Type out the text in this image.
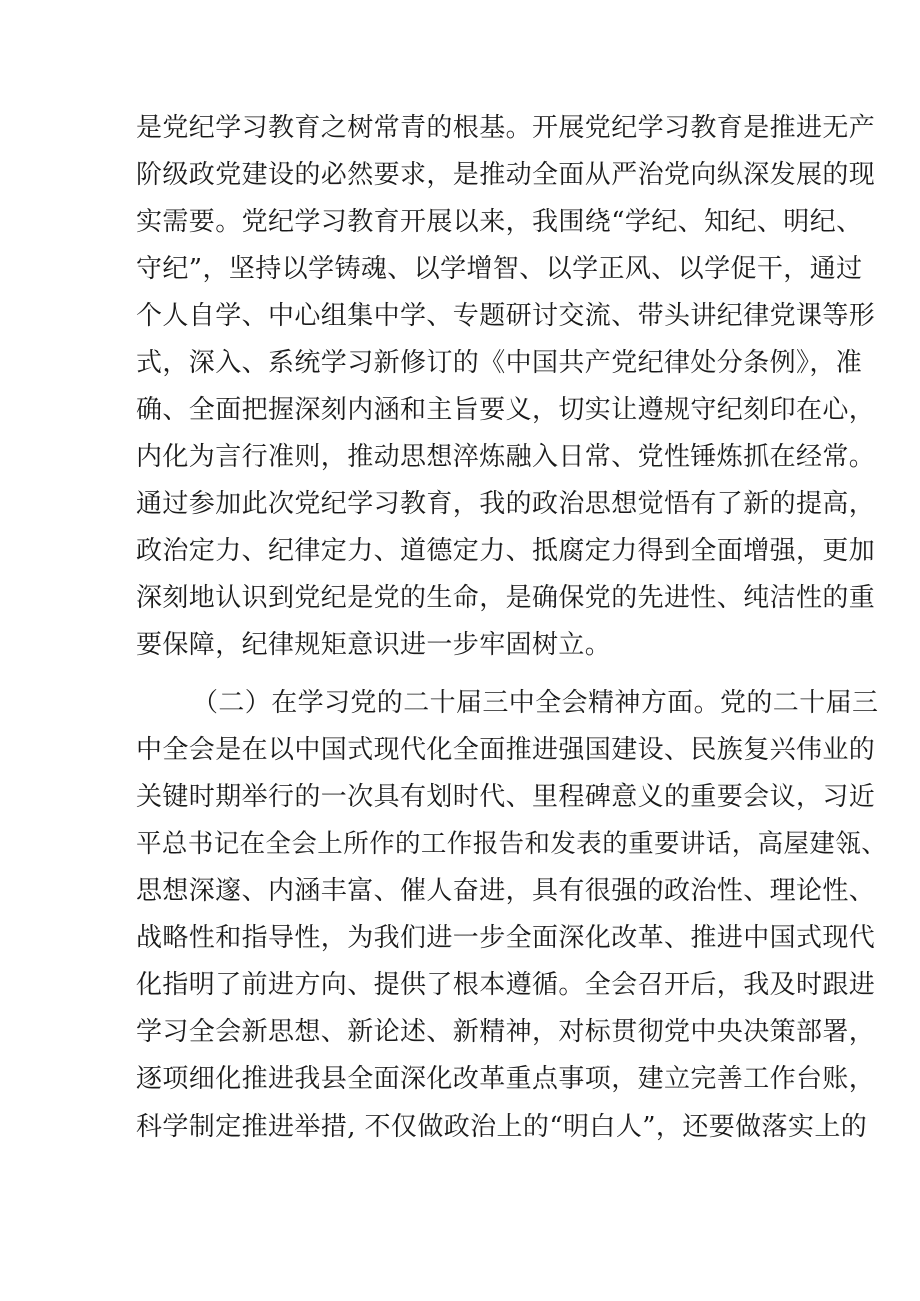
是党纪学习教育之树常青的根基。开展党纪学习教育是推进无产
阶级政党建设的必然要求，是推动全面从严治党向纵深发展的现
实需要。党纪学习教育开展以来，我围绕“学纪、知纪、明纪、
守纪”，坚持以学铸魂、以学增智、以学正风、以学促干，通过
个人自学、中心组集中学、专题研讨交流、带头讲纪律党课等形
式，深入、系统学习新修订的《中国共产党纪律处分条例》，准
确、全面把握深刻内涵和主旨要义，切实让遵规守纪刻印在心，
内化为言行准则，推动思想淬炼融入日常、党性锤炼抓在经常。
通过参加此次党纪学习教育，我的政治思想觉悟有了新的提高，
政治定力、纪律定力、道德定力、抵腐定力得到全面增强，更加
深刻地认识到党纪是党的生命，是确保党的先进性、纯洁性的重
要保障，纪律规矩意识进一步牢固树立。
（二）在学习党的二十届三中全会精神方面。党的二十届三
中全会是在以中国式现代化全面推进强国建设、民族复兴伟业的
关键时期举行的一次具有划时代、里程碑意义的重要会议，习近
平总书记在全会上所作的工作报告和发表的重要讲话，高屋建瓴、
思想深邃、内涵丰富、催人奋进，具有很强的政治性、理论性、
战略性和指导性，为我们进一步全面深化改革、推进中国式现代
化指明了前进方向、提供了根本遵循。全会召开后，我及时跟进
学习全会新思想、新论述、新精神，对标贯彻党中央决策部署，
逐项细化推进我县全面深化改革重点事项，建立完善工作台账，
科学制定推进举措, 不仅做政治上的“明白人”，还要做落实上的
